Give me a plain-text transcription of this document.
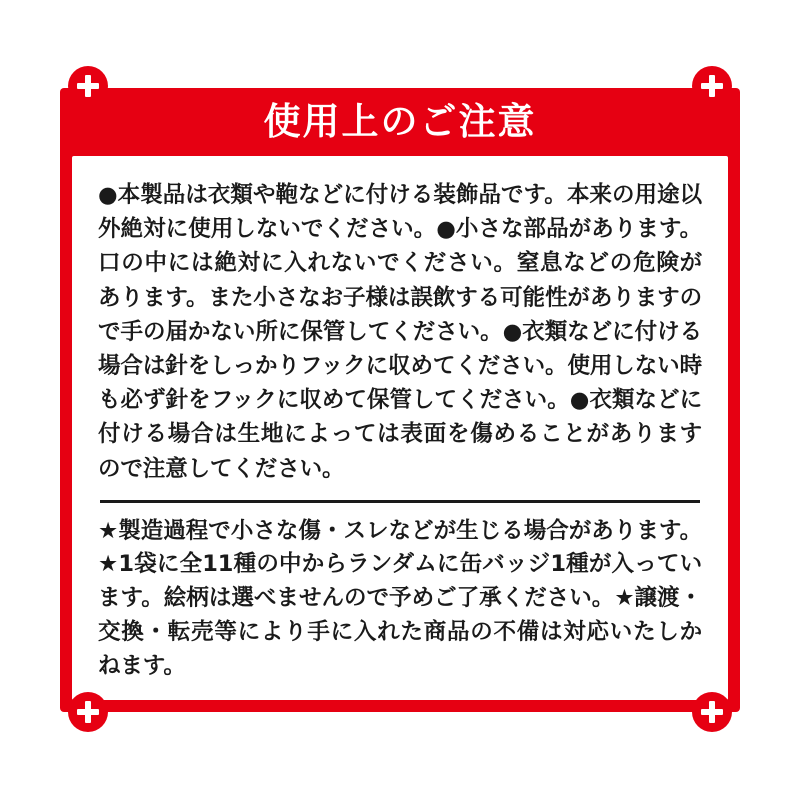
使用上のご注意

●本製品は衣類や鞄などに付ける装飾品です。本来の用途以外絶対に使用しないでください。●小さな部品があります。口の中には絶対に入れないでください。窒息などの危険があります。また小さなお子様は誤飲する可能性がありますので手の届かない所に保管してください。●衣類などに付ける場合は針をしっかりフックに収めてください。使用しない時も必ず針をフックに収めて保管してください。●衣類などに付ける場合は生地によっては表面を傷めることがありますので注意してください。

★製造過程で小さな傷・スレなどが生じる場合があります。★1袋に全11種の中からランダムに缶バッジ1種が入っています。絵柄は選べませんので予めご了承ください。★譲渡・交換・転売等により手に入れた商品の不備は対応いたしかねます。
